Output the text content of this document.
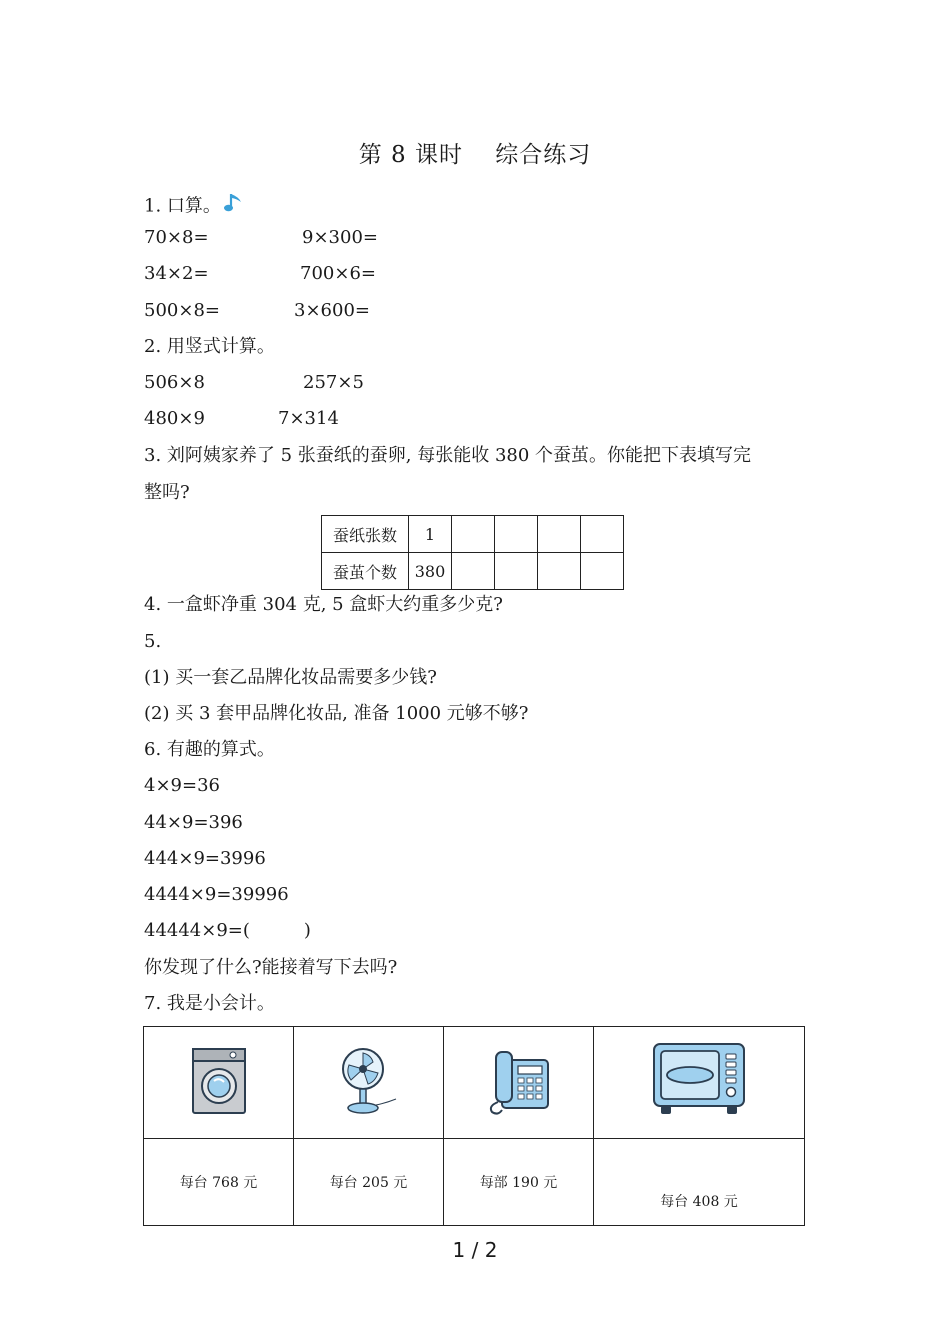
第 8 课时　 综合练习
1. 口算。
70×8=	9×300=
34×2=	700×6=
500×8=	3×600=
2. 用竖式计算。
506×8	257×5
480×9	7×314
3. 刘阿姨家养了 5 张蚕纸的蚕卵, 每张能收 380 个蚕茧。你能把下表填写完
整吗?
蚕纸张数	1				
蚕茧个数	380				
4. 一盒虾净重 304 克, 5 盒虾大约重多少克?
5.
(1) 买一套乙品牌化妆品需要多少钱?
(2) 买 3 套甲品牌化妆品, 准备 1000 元够不够?
6. 有趣的算式。
4×9=36
44×9=396
444×9=3996
4444×9=39996
44444×9=(　　　)
你发现了什么?能接着写下去吗?
7. 我是小会计。

每台 768 元	每台 205 元	每部 190 元	每台 408 元
1 / 2
